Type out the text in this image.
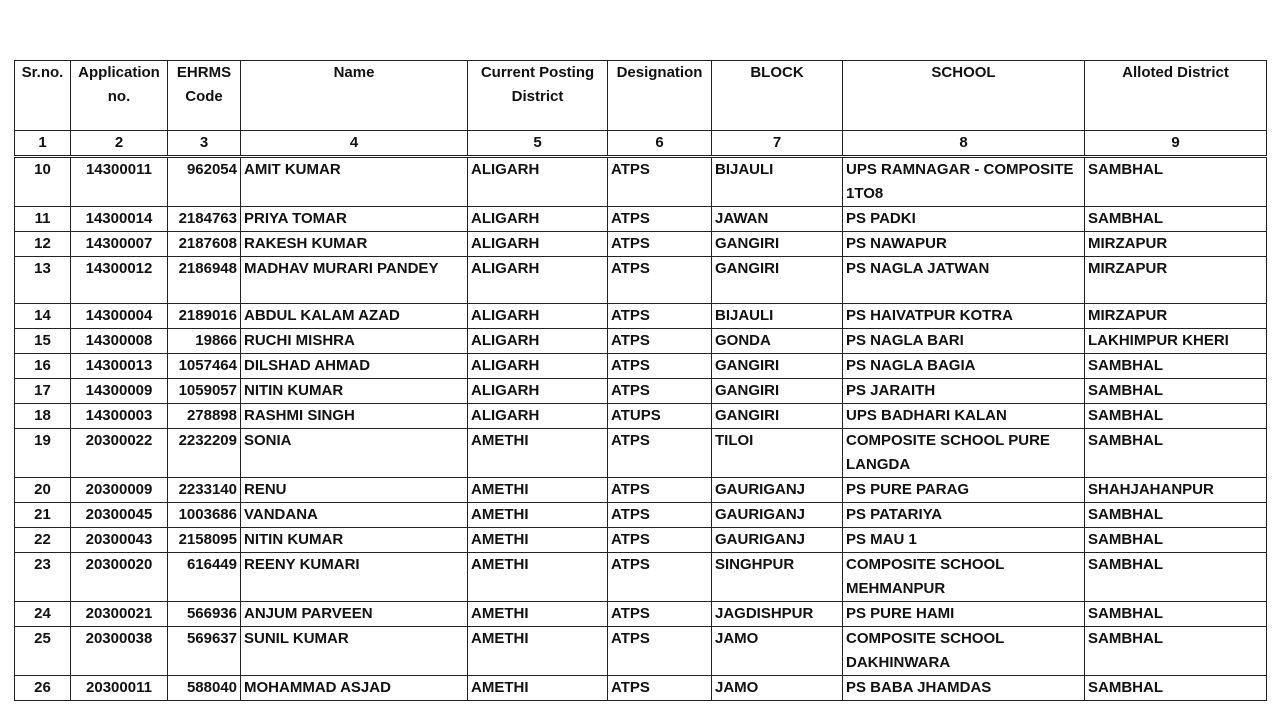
Sr.no.	Application no.	EHRMS Code	Name	Current Posting District	Designation	BLOCK	SCHOOL	Alloted District
1	2	3	4	5	6	7	8	9
10	14300011	962054	AMIT KUMAR	ALIGARH	ATPS	BIJAULI	UPS RAMNAGAR - COMPOSITE 1TO8	SAMBHAL
11	14300014	2184763	PRIYA TOMAR	ALIGARH	ATPS	JAWAN	PS PADKI	SAMBHAL
12	14300007	2187608	RAKESH KUMAR	ALIGARH	ATPS	GANGIRI	PS NAWAPUR	MIRZAPUR
13	14300012	2186948	MADHAV MURARI PANDEY	ALIGARH	ATPS	GANGIRI	PS NAGLA JATWAN	MIRZAPUR
14	14300004	2189016	ABDUL KALAM AZAD	ALIGARH	ATPS	BIJAULI	PS HAIVATPUR KOTRA	MIRZAPUR
15	14300008	19866	RUCHI MISHRA	ALIGARH	ATPS	GONDA	PS NAGLA BARI	LAKHIMPUR KHERI
16	14300013	1057464	DILSHAD AHMAD	ALIGARH	ATPS	GANGIRI	PS NAGLA BAGIA	SAMBHAL
17	14300009	1059057	NITIN KUMAR	ALIGARH	ATPS	GANGIRI	PS JARAITH	SAMBHAL
18	14300003	278898	RASHMI SINGH	ALIGARH	ATUPS	GANGIRI	UPS BADHARI KALAN	SAMBHAL
19	20300022	2232209	SONIA	AMETHI	ATPS	TILOI	COMPOSITE SCHOOL PURE LANGDA	SAMBHAL
20	20300009	2233140	RENU	AMETHI	ATPS	GAURIGANJ	PS PURE PARAG	SHAHJAHANPUR
21	20300045	1003686	VANDANA	AMETHI	ATPS	GAURIGANJ	PS PATARIYA	SAMBHAL
22	20300043	2158095	NITIN KUMAR	AMETHI	ATPS	GAURIGANJ	PS MAU 1	SAMBHAL
23	20300020	616449	REENY KUMARI	AMETHI	ATPS	SINGHPUR	COMPOSITE SCHOOL MEHMANPUR	SAMBHAL
24	20300021	566936	ANJUM PARVEEN	AMETHI	ATPS	JAGDISHPUR	PS PURE HAMI	SAMBHAL
25	20300038	569637	SUNIL KUMAR	AMETHI	ATPS	JAMO	COMPOSITE SCHOOL DAKHINWARA	SAMBHAL
26	20300011	588040	MOHAMMAD ASJAD	AMETHI	ATPS	JAMO	PS BABA JHAMDAS	SAMBHAL
